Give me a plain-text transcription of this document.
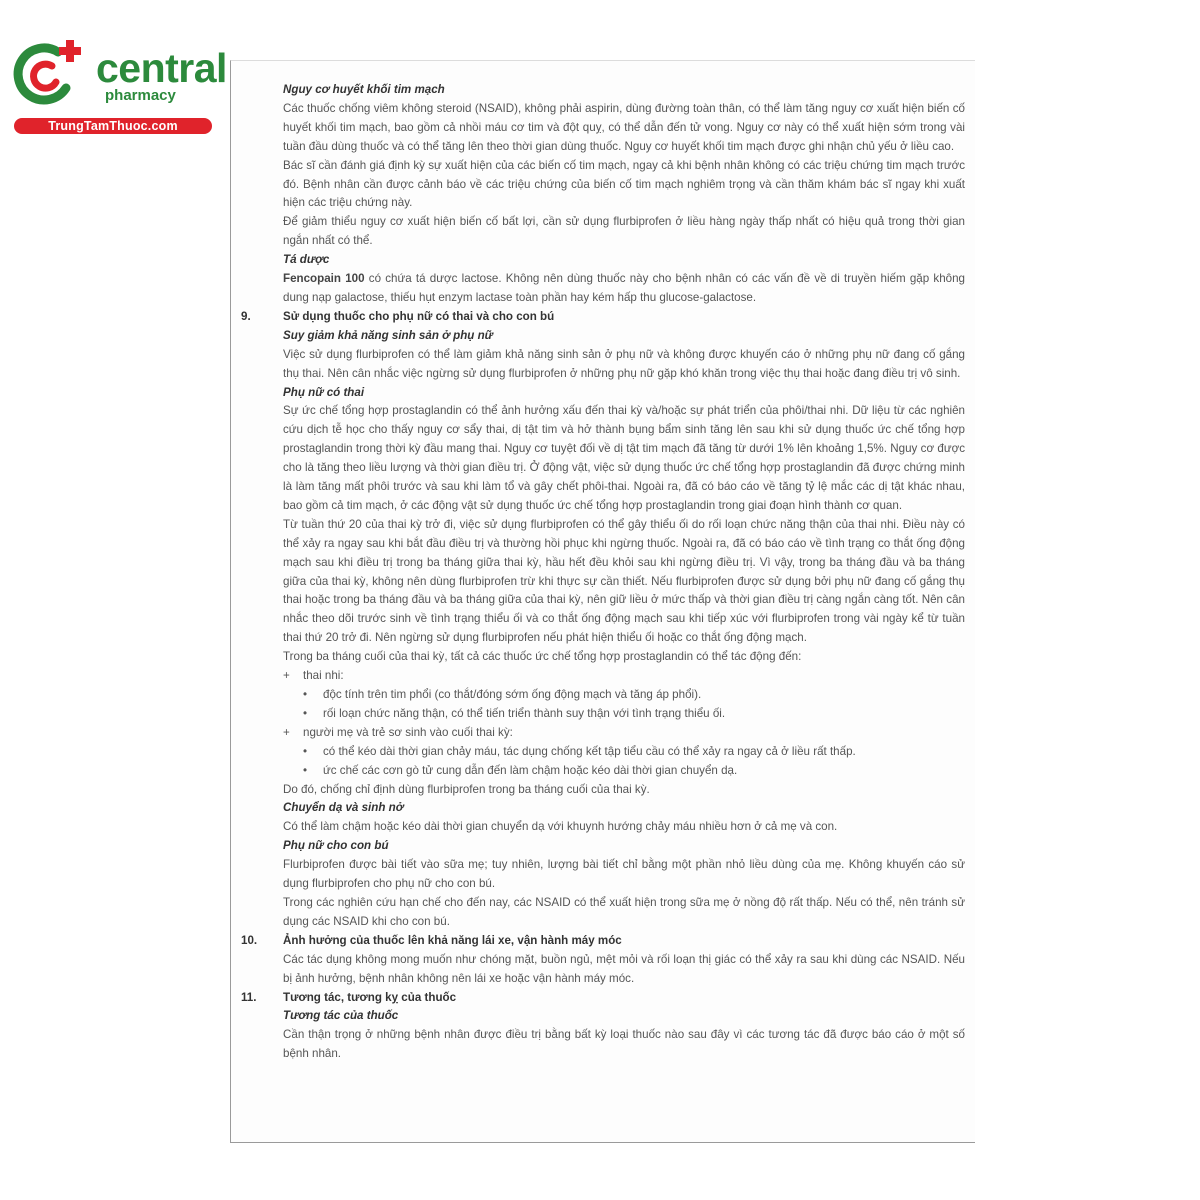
central
pharmacy
TrungTamThuoc.com

Nguy cơ huyết khối tim mạch

Các thuốc chống viêm không steroid (NSAID), không phải aspirin, dùng đường toàn thân, có thể làm tăng nguy cơ xuất hiện biến cố huyết khối tim mạch, bao gồm cả nhồi máu cơ tim và đột quỵ, có thể dẫn đến tử vong. Nguy cơ này có thể xuất hiện sớm trong vài tuần đầu dùng thuốc và có thể tăng lên theo thời gian dùng thuốc. Nguy cơ huyết khối tim mạch được ghi nhận chủ yếu ở liều cao.

Bác sĩ cần đánh giá định kỳ sự xuất hiện của các biến cố tim mạch, ngay cả khi bệnh nhân không có các triệu chứng tim mạch trước đó. Bệnh nhân cần được cảnh báo về các triệu chứng của biến cố tim mạch nghiêm trọng và cần thăm khám bác sĩ ngay khi xuất hiện các triệu chứng này.

Để giảm thiểu nguy cơ xuất hiện biến cố bất lợi, cần sử dụng flurbiprofen ở liều hàng ngày thấp nhất có hiệu quả trong thời gian ngắn nhất có thể.

Tá dược

Fencopain 100 có chứa tá dược lactose. Không nên dùng thuốc này cho bệnh nhân có các vấn đề về di truyền hiếm gặp không dung nạp galactose, thiếu hụt enzym lactase toàn phần hay kém hấp thu glucose-galactose.

9.	Sử dụng thuốc cho phụ nữ có thai và cho con bú

Suy giảm khả năng sinh sản ở phụ nữ

Việc sử dụng flurbiprofen có thể làm giảm khả năng sinh sản ở phụ nữ và không được khuyến cáo ở những phụ nữ đang cố gắng thụ thai. Nên cân nhắc việc ngừng sử dụng flurbiprofen ở những phụ nữ gặp khó khăn trong việc thụ thai hoặc đang điều trị vô sinh.

Phụ nữ có thai

Sự ức chế tổng hợp prostaglandin có thể ảnh hưởng xấu đến thai kỳ và/hoặc sự phát triển của phôi/thai nhi. Dữ liệu từ các nghiên cứu dịch tễ học cho thấy nguy cơ sẩy thai, dị tật tim và hở thành bụng bẩm sinh tăng lên sau khi sử dụng thuốc ức chế tổng hợp prostaglandin trong thời kỳ đầu mang thai. Nguy cơ tuyệt đối về dị tật tim mạch đã tăng từ dưới 1% lên khoảng 1,5%. Nguy cơ được cho là tăng theo liều lượng và thời gian điều trị. Ở động vật, việc sử dụng thuốc ức chế tổng hợp prostaglandin đã được chứng minh là làm tăng mất phôi trước và sau khi làm tổ và gây chết phôi-thai. Ngoài ra, đã có báo cáo về tăng tỷ lệ mắc các dị tật khác nhau, bao gồm cả tim mạch, ở các động vật sử dụng thuốc ức chế tổng hợp prostaglandin trong giai đoạn hình thành cơ quan.

Từ tuần thứ 20 của thai kỳ trở đi, việc sử dụng flurbiprofen có thể gây thiểu ối do rối loạn chức năng thận của thai nhi. Điều này có thể xảy ra ngay sau khi bắt đầu điều trị và thường hồi phục khi ngừng thuốc. Ngoài ra, đã có báo cáo về tình trạng co thắt ống động mạch sau khi điều trị trong ba tháng giữa thai kỳ, hầu hết đều khỏi sau khi ngừng điều trị. Vì vậy, trong ba tháng đầu và ba tháng giữa của thai kỳ, không nên dùng flurbiprofen trừ khi thực sự cần thiết. Nếu flurbiprofen được sử dụng bởi phụ nữ đang cố gắng thụ thai hoặc trong ba tháng đầu và ba tháng giữa của thai kỳ, nên giữ liều ở mức thấp và thời gian điều trị càng ngắn càng tốt. Nên cân nhắc theo dõi trước sinh về tình trạng thiểu ối và co thắt ống động mạch sau khi tiếp xúc với flurbiprofen trong vài ngày kể từ tuần thai thứ 20 trở đi. Nên ngừng sử dụng flurbiprofen nếu phát hiện thiểu ối hoặc co thắt ống động mạch.

Trong ba tháng cuối của thai kỳ, tất cả các thuốc ức chế tổng hợp prostaglandin có thể tác động đến:

+ thai nhi:

• độc tính trên tim phổi (co thắt/đóng sớm ống động mạch và tăng áp phổi).

• rối loạn chức năng thận, có thể tiến triển thành suy thận với tình trạng thiểu ối.

+ người mẹ và trẻ sơ sinh vào cuối thai kỳ:

• có thể kéo dài thời gian chảy máu, tác dụng chống kết tập tiểu cầu có thể xảy ra ngay cả ở liều rất thấp.

• ức chế các cơn gò tử cung dẫn đến làm chậm hoặc kéo dài thời gian chuyển dạ.

Do đó, chống chỉ định dùng flurbiprofen trong ba tháng cuối của thai kỳ.

Chuyển dạ và sinh nở

Có thể làm chậm hoặc kéo dài thời gian chuyển dạ với khuynh hướng chảy máu nhiều hơn ở cả mẹ và con.

Phụ nữ cho con bú

Flurbiprofen được bài tiết vào sữa mẹ; tuy nhiên, lượng bài tiết chỉ bằng một phần nhỏ liều dùng của mẹ. Không khuyến cáo sử dụng flurbiprofen cho phụ nữ cho con bú.

Trong các nghiên cứu hạn chế cho đến nay, các NSAID có thể xuất hiện trong sữa mẹ ở nồng độ rất thấp. Nếu có thể, nên tránh sử dụng các NSAID khi cho con bú.

10. Ảnh hưởng của thuốc lên khả năng lái xe, vận hành máy móc

Các tác dụng không mong muốn như chóng mặt, buồn ngủ, mệt mỏi và rối loạn thị giác có thể xảy ra sau khi dùng các NSAID. Nếu bị ảnh hưởng, bệnh nhân không nên lái xe hoặc vận hành máy móc.

11. Tương tác, tương kỵ của thuốc

Tương tác của thuốc

Cần thận trọng ở những bệnh nhân được điều trị bằng bất kỳ loại thuốc nào sau đây vì các tương tác đã được báo cáo ở một số bệnh nhân.
